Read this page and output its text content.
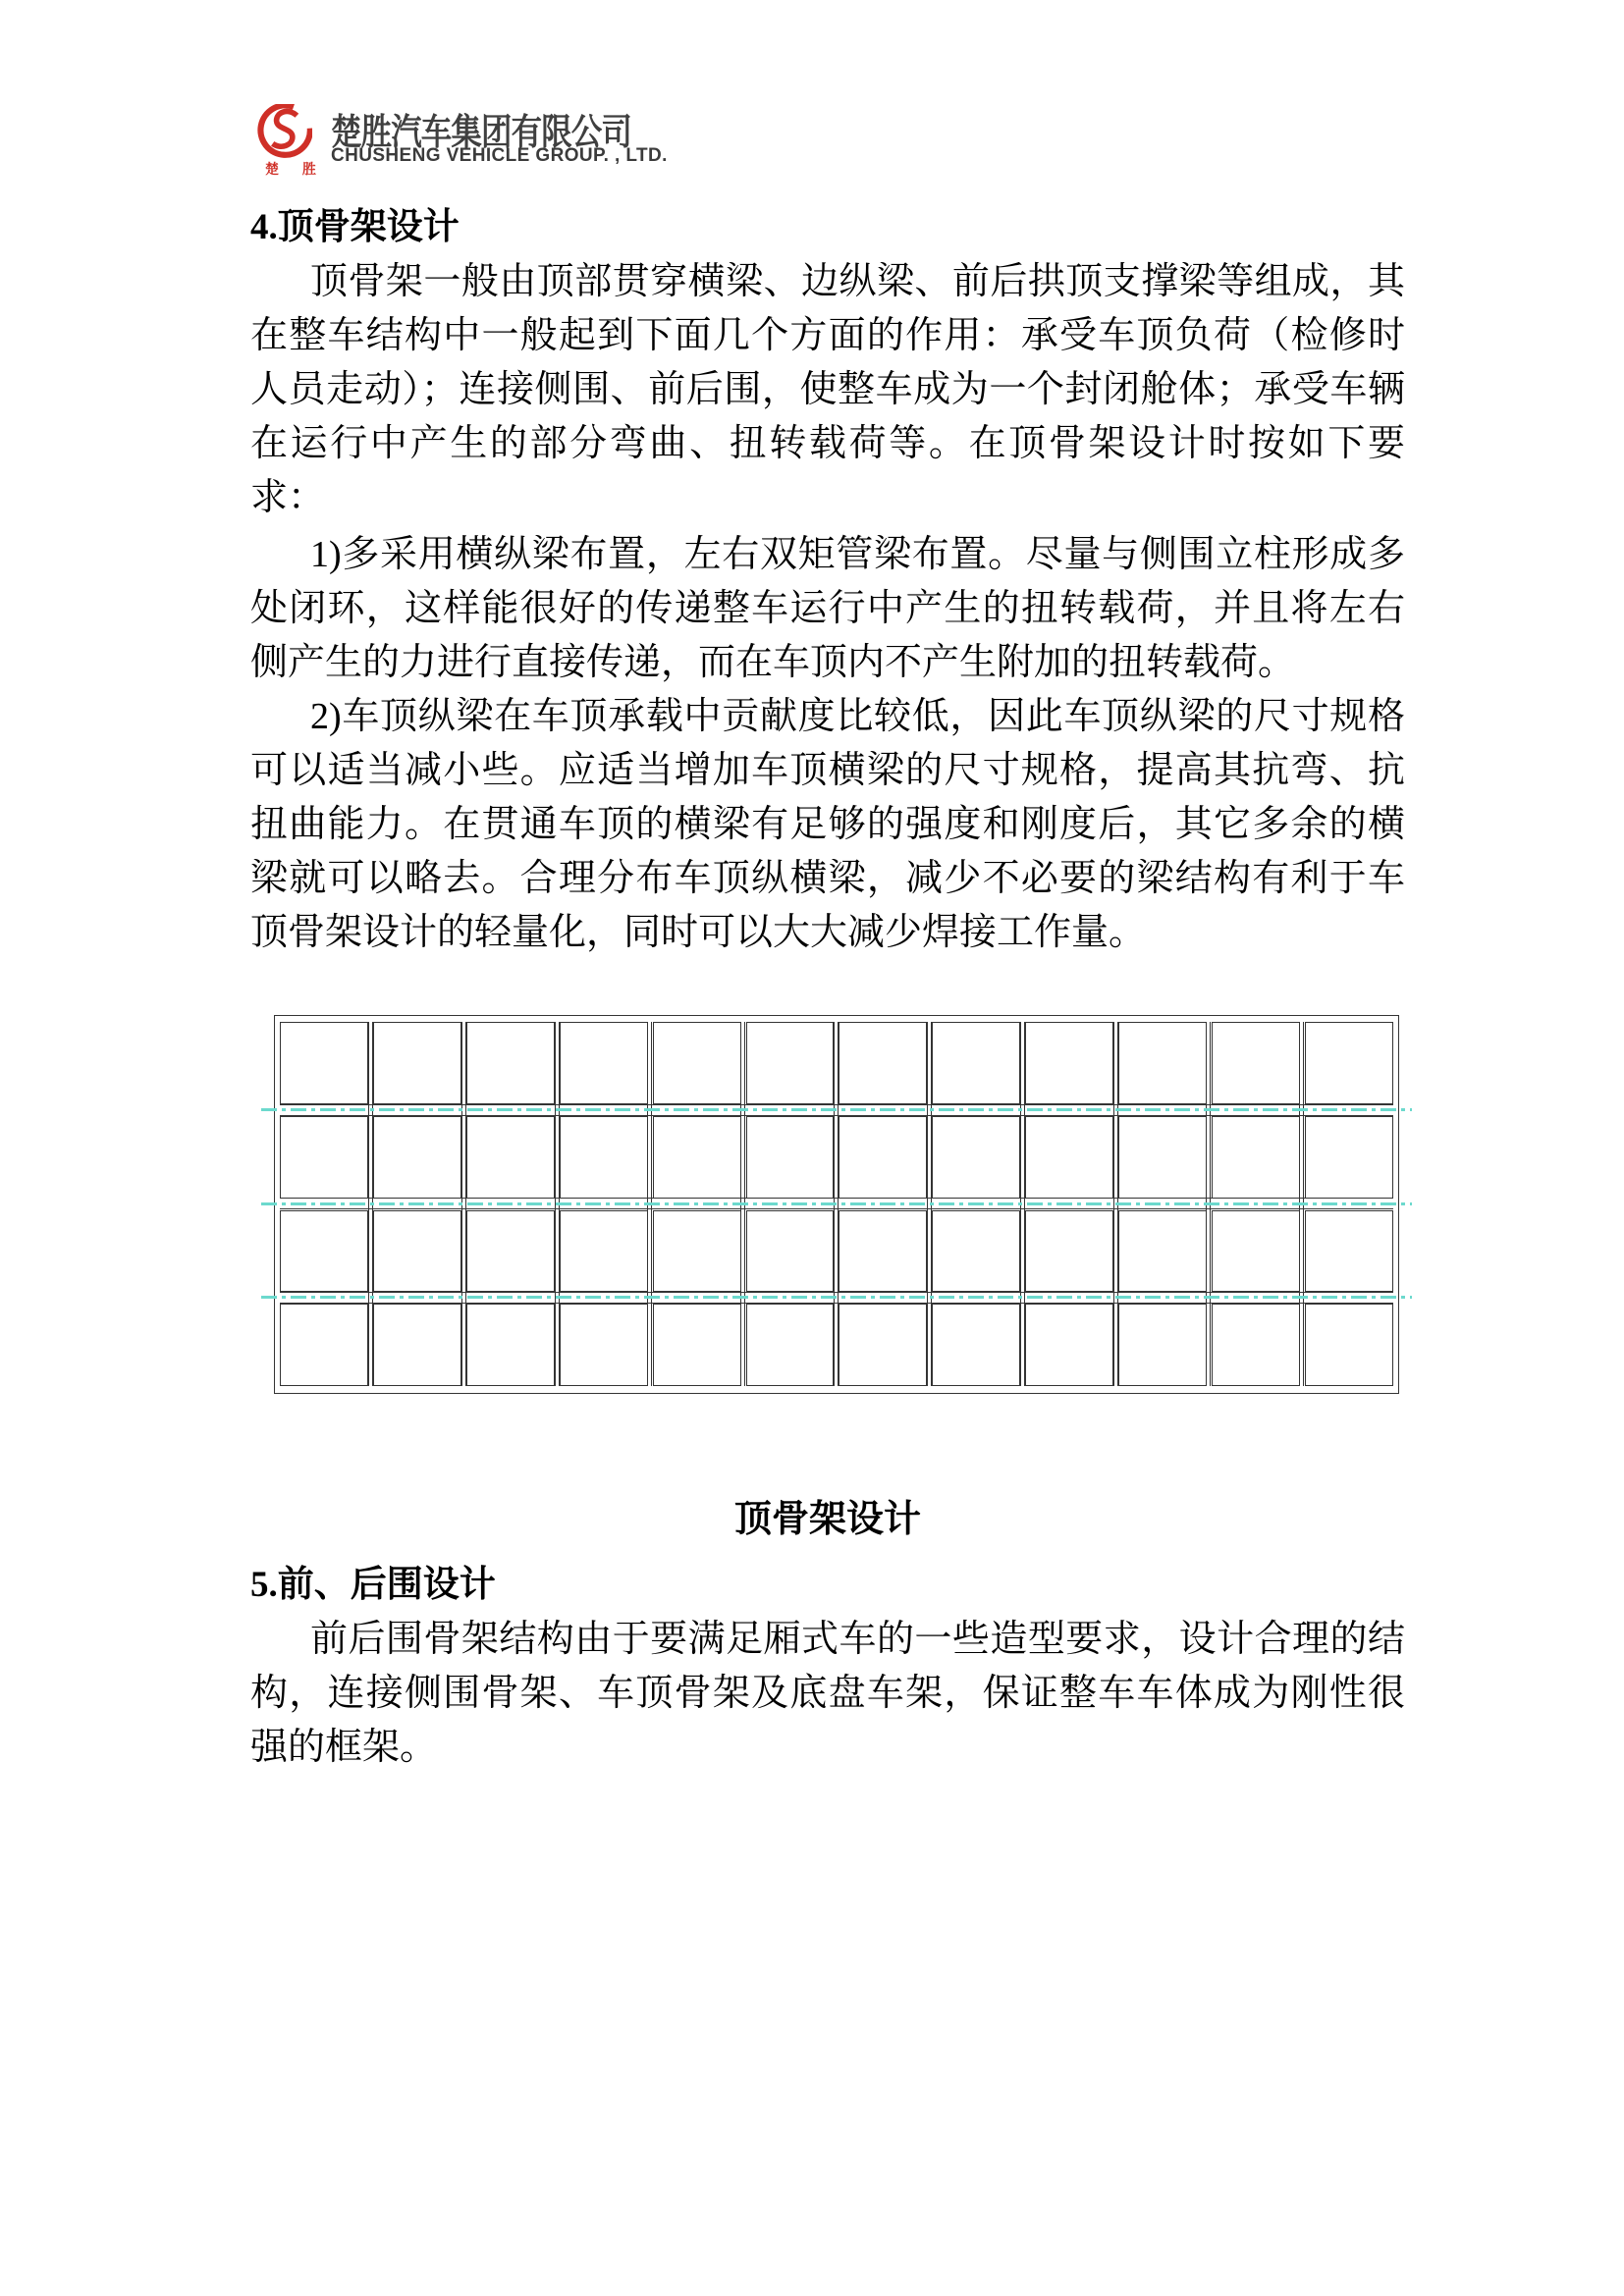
楚 胜
楚胜汽车集团有限公司
CHUSHENG VEHICLE GROUP. , LTD.
4.顶骨架设计
顶骨架一般由顶部贯穿横梁、边纵梁、前后拱顶支撑梁等组成，其在整车结构中一般起到下面几个方面的作用：承受车顶负荷（检修时人员走动）；连接侧围、前后围，使整车成为一个封闭舱体；承受车辆在运行中产生的部分弯曲、扭转载荷等。在顶骨架设计时按如下要求：
1)多采用横纵梁布置，左右双矩管梁布置。尽量与侧围立柱形成多处闭环，这样能很好的传递整车运行中产生的扭转载荷，并且将左右侧产生的力进行直接传递，而在车顶内不产生附加的扭转载荷。
2)车顶纵梁在车顶承载中贡献度比较低，因此车顶纵梁的尺寸规格可以适当减小些。应适当增加车顶横梁的尺寸规格，提高其抗弯、抗扭曲能力。在贯通车顶的横梁有足够的强度和刚度后，其它多余的横梁就可以略去。合理分布车顶纵横梁，减少不必要的梁结构有利于车顶骨架设计的轻量化，同时可以大大减少焊接工作量。
顶骨架设计
5.前、后围设计
前后围骨架结构由于要满足厢式车的一些造型要求，设计合理的结构，连接侧围骨架、车顶骨架及底盘车架，保证整车车体成为刚性很强的框架。
